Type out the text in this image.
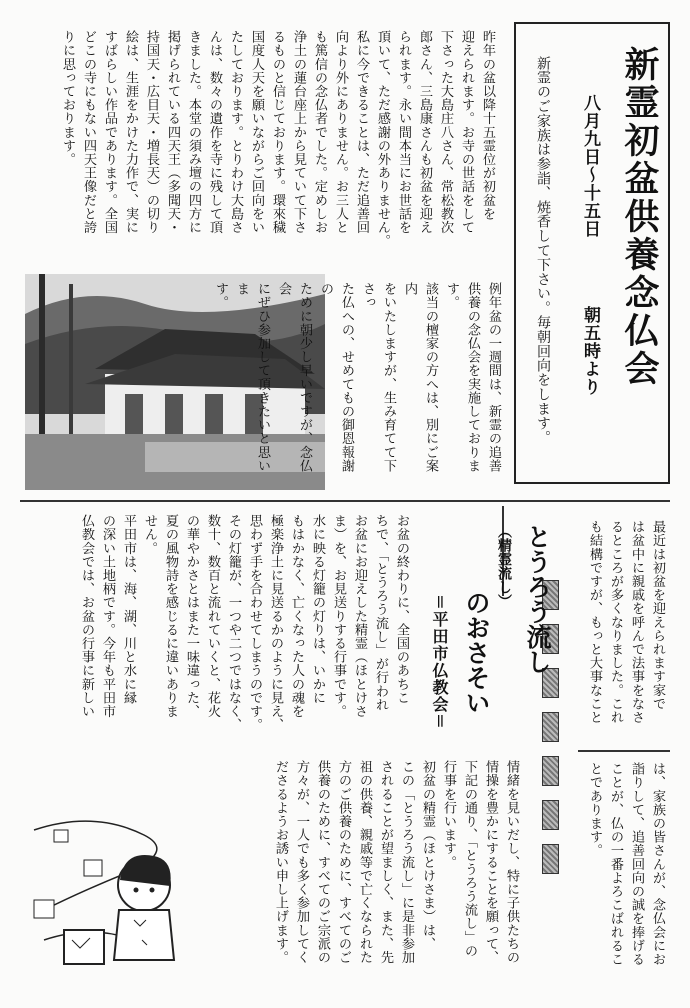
新霊初盆供養念仏会
八月九日～十五日
朝五時より
新霊のご家族は参詣、焼香して下さい。毎朝回向をします。
昨年の盆以降十五霊位が初盆を
迎えられます。お寺の世話をして
下さった大島庄八さん、常松教次
郎さん、三島康さんも初盆を迎え
られます。永い間本当にお世話を
頂いて、ただ感謝の外ありません。
私に今できることは、ただ追善回
向より外にありません。お三人と
も篤信の念仏者でした。定めしお
浄土の蓮台座上から見ていて下さ
るものと信じております。環來穢
国度人天を願いながらご回向をい
たしております。とりわけ大島さ
んは、数々の遺作を寺に残して頂
きました。本堂の須み壇の四方に
掲げられている四天王（多聞天・
持国天・広目天・増長天）の切り
絵は、生涯をかけた力作で、実に
すばらしい作品であります。全国
どこの寺にもない四天王像だと誇
りに思っております。
例年盆の一週間は、新霊の追善
供養の念仏会を実施しております。
該当の檀家の方へは、別にご案内
をいたしますが、生み育てて下さっ
た仏への、せめてもの御恩報謝の
ために朝少し早いですが、念仏会
にぜひ参加して頂きたいと思いま
す。
最近は初盆を迎えられます家で
は盆中に親戚を呼んで法事をなさ
るところが多くなりました。これ
も結構ですが、もっと大事なこと
は、家族の皆さんが、念仏会にお
詣りして、追善回向の誠を捧げる
ことが、仏の一番よろこばれるこ
とであります。
とうろう流し（精霊流し）
のおさそい
＝平田市仏教会＝
お盆の終わりに、全国のあちこ
ちで、「とうろう流し」が行われ
お盆にお迎えした精霊（ほとけさ
ま）を、お見送りする行事です。
水に映る灯籠の灯りは、いかに
もはかなく、亡くなった人の魂を
極楽浄土に見送るかのように見え、
思わず手を合わせてしまうのです。
その灯籠が、一つや二つではなく、
数十、数百と流れていくと、花火
の華やかさとはまた一味違った、
夏の風物詩を感じるに違いありま
せん。
平田市は、海、湖、川と水に縁
の深い土地柄です。今年も平田市
仏教会では、お盆の行事に新しい
情緒を見いだし、特に子供たちの
情操を豊かにすることを願って、
下記の通り、「とうろう流し」の
行事を行います。
初盆の精霊（ほとけさま）は、
この「とうろう流し」に是非参加
されることが望ましく、また、先
祖の供養、親戚等で亡くなられた
方のご供養のために、すべてのご
供養のために、すべてのご宗派の
方々が、一人でも多く参加してく
ださるようお誘い申し上げます。
